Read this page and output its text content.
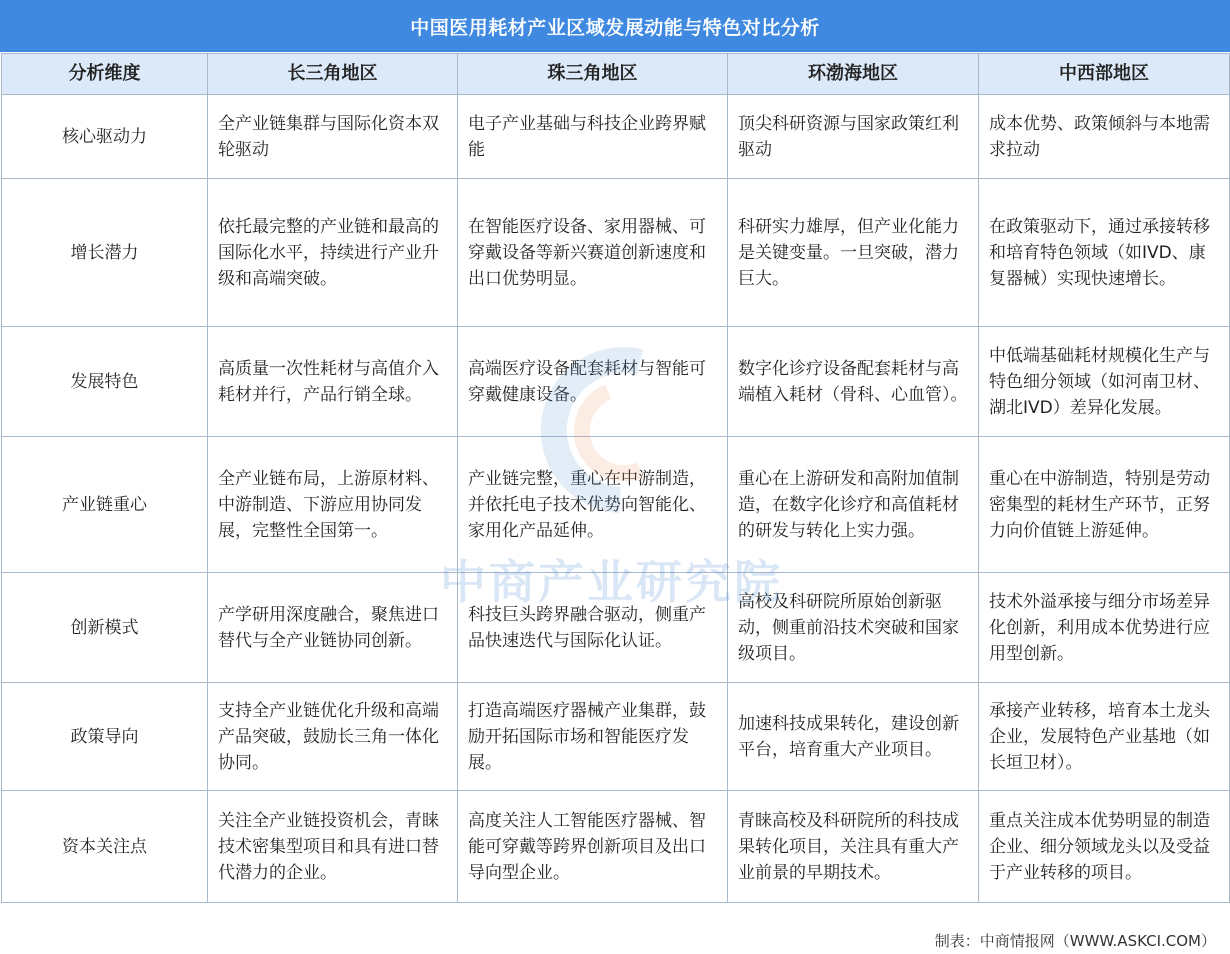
中国医用耗材产业区域发展动能与特色对比分析
分析维度	长三角地区	珠三角地区	环渤海地区	中西部地区
核心驱动力	全产业链集群与国际化资本双轮驱动	电子产业基础与科技企业跨界赋能	顶尖科研资源与国家政策红利驱动	成本优势、政策倾斜与本地需求拉动
增长潜力	依托最完整的产业链和最高的国际化水平，持续进行产业升级和高端突破。	在智能医疗设备、家用器械、可穿戴设备等新兴赛道创新速度和出口优势明显。	科研实力雄厚，但产业化能力是关键变量。一旦突破，潜力巨大。	在政策驱动下，通过承接转移和培育特色领域（如IVD、康复器械）实现快速增长。
发展特色	高质量一次性耗材与高值介入耗材并行，产品行销全球。	高端医疗设备配套耗材与智能可穿戴健康设备。	数字化诊疗设备配套耗材与高端植入耗材（骨科、心血管）。	中低端基础耗材规模化生产与特色细分领域（如河南卫材、湖北IVD）差异化发展。
产业链重心	全产业链布局，上游原材料、中游制造、下游应用协同发展，完整性全国第一。	产业链完整，重心在中游制造，并依托电子技术优势向智能化、家用化产品延伸。	重心在上游研发和高附加值制造，在数字化诊疗和高值耗材的研发与转化上实力强。	重心在中游制造，特别是劳动密集型的耗材生产环节，正努力向价值链上游延伸。
创新模式	产学研用深度融合，聚焦进口替代与全产业链协同创新。	科技巨头跨界融合驱动，侧重产品快速迭代与国际化认证。	高校及科研院所原始创新驱动，侧重前沿技术突破和国家级项目。	技术外溢承接与细分市场差异化创新，利用成本优势进行应用型创新。
政策导向	支持全产业链优化升级和高端产品突破，鼓励长三角一体化协同。	打造高端医疗器械产业集群，鼓励开拓国际市场和智能医疗发展。	加速科技成果转化，建设创新平台，培育重大产业项目。	承接产业转移，培育本土龙头企业，发展特色产业基地（如长垣卫材）。
资本关注点	关注全产业链投资机会，青睐技术密集型项目和具有进口替代潜力的企业。	高度关注人工智能医疗器械、智能可穿戴等跨界创新项目及出口导向型企业。	青睐高校及科研院所的科技成果转化项目，关注具有重大产业前景的早期技术。	重点关注成本优势明显的制造企业、细分领域龙头以及受益于产业转移的项目。
中商产业研究院
制表：中商情报网（WWW.ASKCI.COM）
